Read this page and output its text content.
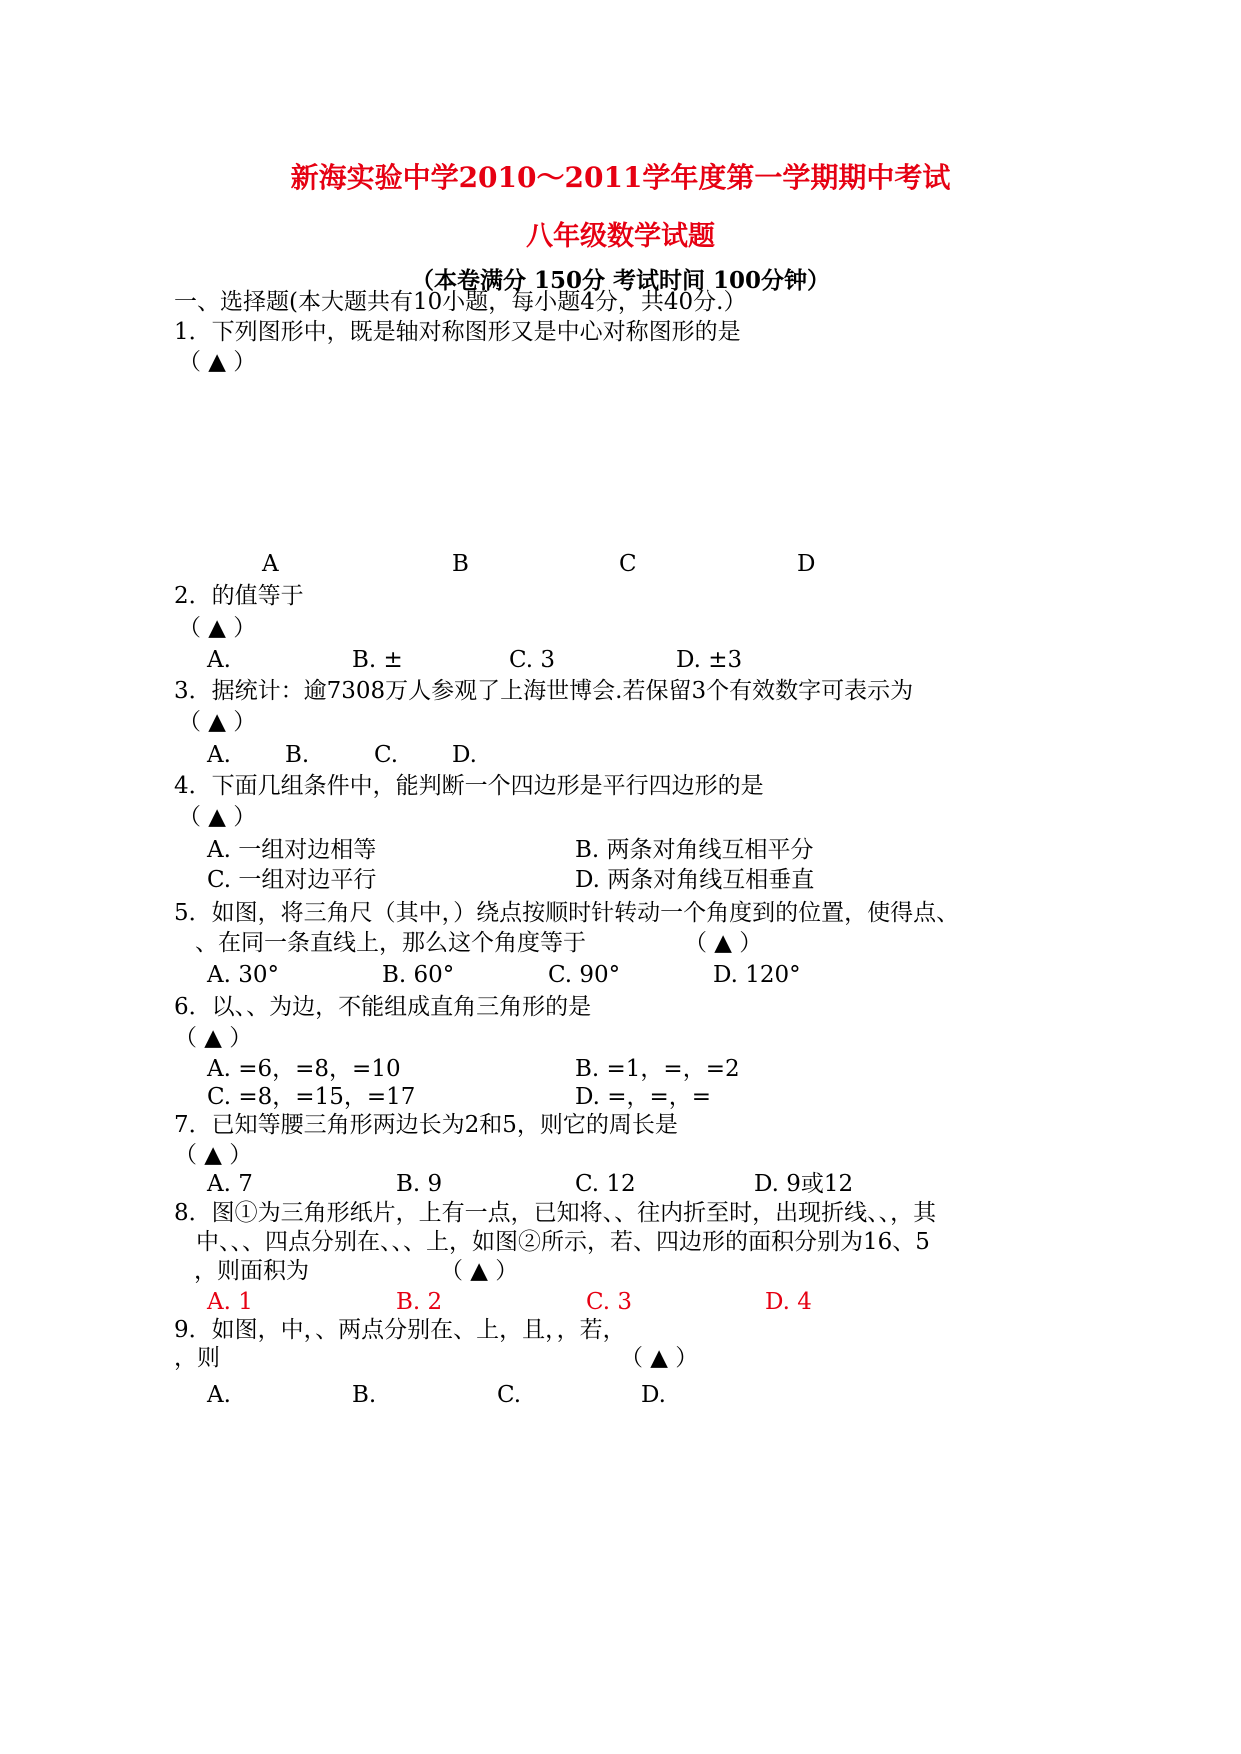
新海实验中学2010～2011学年度第一学期期中考试
八年级数学试题
（本卷满分 150分 考试时间 100分钟）
一、选择题(本大题共有10小题，每小题4分，共40分.）
1．下列图形中，既是轴对称图形又是中心对称图形的是
（ ▲ ）
A	B	C	D
2．的值等于
（ ▲ ）
A.	B. ±	C. 3	D. ±3
3．据统计：逾7308万人参观了上海世博会.若保留3个有效数字可表示为
（ ▲ ）
A. B.	C. D.
4．下面几组条件中，能判断一个四边形是平行四边形的是
（ ▲ ）
A. 一组对边相等	B. 两条对角线互相平分
C. 一组对边平行	D. 两条对角线互相垂直
5．如图，将三角尺（其中，）绕点按顺时针转动一个角度到的位置，使得点、
、在同一条直线上，那么这个角度等于	（ ▲ ）
A. 30°	B. 60°	C. 90°	D. 120°
6．以、、为边，不能组成直角三角形的是
（ ▲ ）
A. =6，=8，=10	B. =1，=，=2
C. =8，=15，=17	D. =，=，=
7．已知等腰三角形两边长为2和5，则它的周长是
（ ▲ ）
A. 7	B. 9	C. 12	D. 9或12
8．图①为三角形纸片，上有一点，已知将、、往内折至时，出现折线、、，其
中、、、四点分别在、、、上，如图②所示，若、四边形的面积分别为16、5
，则面积为	（ ▲ ）
A. 1	B. 2	C. 3	D. 4
9．如图，中，、两点分别在、上，且，，若，
，则	（ ▲ ）
A.	B.	C.	D.
